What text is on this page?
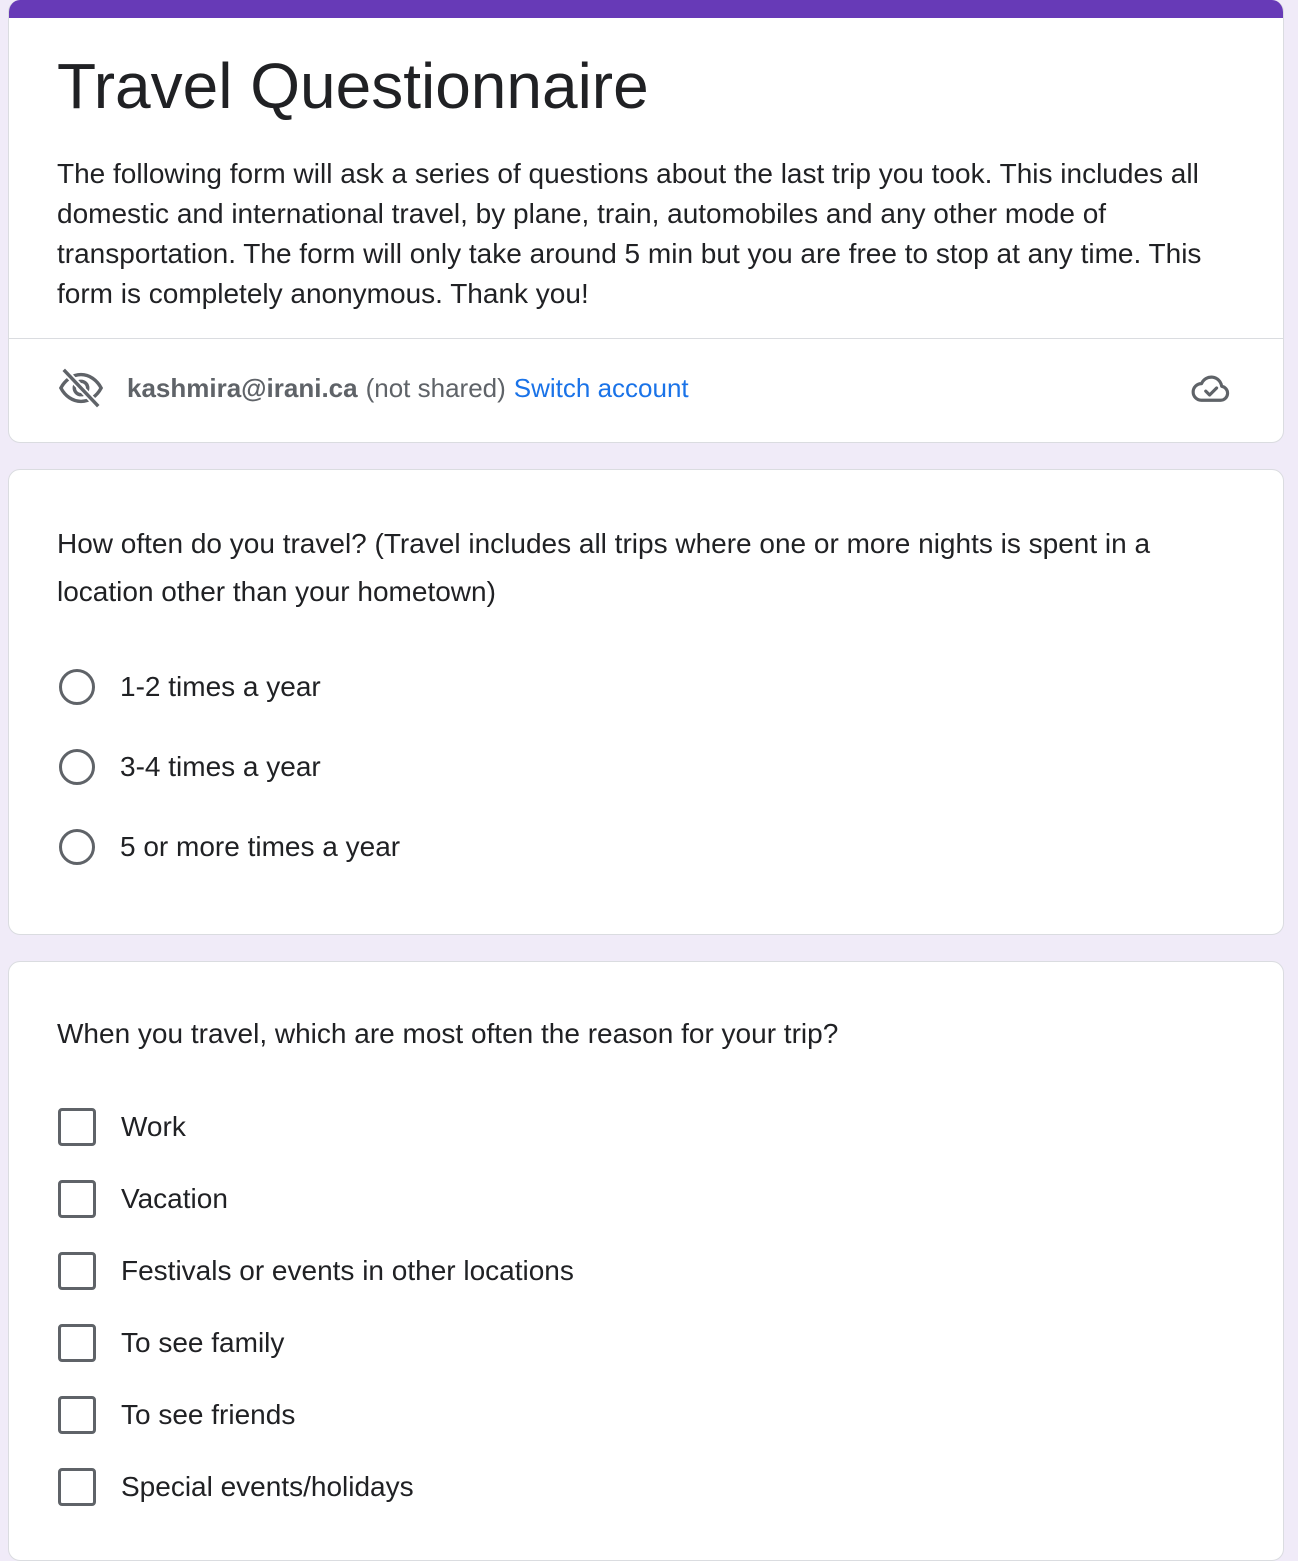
Travel Questionnaire

The following form will ask a series of questions about the last trip you took. This includes all domestic and international travel, by plane, train, automobiles and any other mode of transportation. The form will only take around 5 min but you are free to stop at any time. This form is completely anonymous. Thank you!

kashmira@irani.ca (not shared) Switch account

How often do you travel? (Travel includes all trips where one or more nights is spent in a location other than your hometown)

1-2 times a year
3-4 times a year
5 or more times a year

When you travel, which are most often the reason for your trip?

Work
Vacation
Festivals or events in other locations
To see family
To see friends
Special events/holidays
